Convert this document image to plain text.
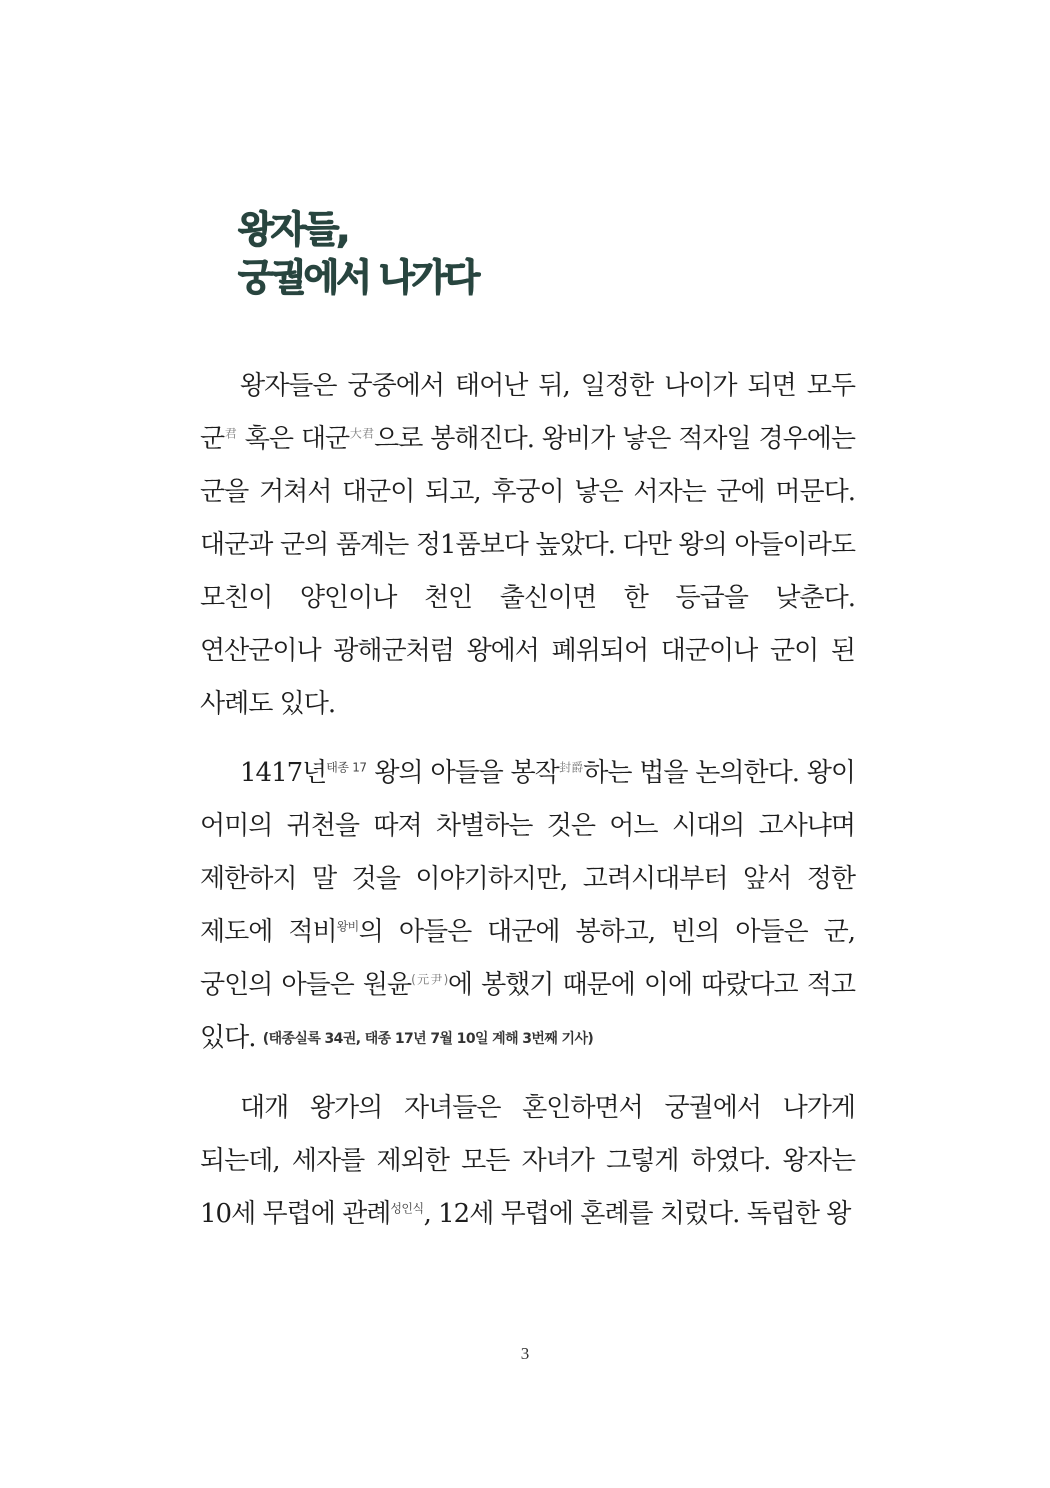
왕자들,
궁궐에서 나가다

왕자들은 궁중에서 태어난 뒤, 일정한 나이가 되면 모두 군$^君$ 혹은 대군$^{大君}$으로 봉해진다. 왕비가 낳은 적자일 경우에는 군을 거쳐서 대군이 되고, 후궁이 낳은 서자는 군에 머문다. 대군과 군의 품계는 정1품보다 높았다. 다만 왕의 아들이라도 모친이 양인이나 천인 출신이면 한 등급을 낮춘다. 연산군이나 광해군처럼 왕에서 폐위되어 대군이나 군이 된 사례도 있다.

1417년$^{태종 17}$ 왕의 아들을 봉작$^{封爵}$하는 법을 논의한다. 왕이 어미의 귀천을 따져 차별하는 것은 어느 시대의 고사냐며 제한하지 말 것을 이야기하지만, 고려시대부터 앞서 정한 제도에 적비$^{왕비}$의 아들은 대군에 봉하고, 빈의 아들은 군, 궁인의 아들은 원윤$^{(元尹)}$에 봉했기 때문에 이에 따랐다고 적고 있다. (태종실록 34권, 태종 17년 7월 10일 계해 3번째 기사)

대개 왕가의 자녀들은 혼인하면서 궁궐에서 나가게 되는데, 세자를 제외한 모든 자녀가 그렇게 하였다. 왕자는 10세 무렵에 관례$^{성인식}$, 12세 무렵에 혼례를 치렀다. 독립한 왕

3
